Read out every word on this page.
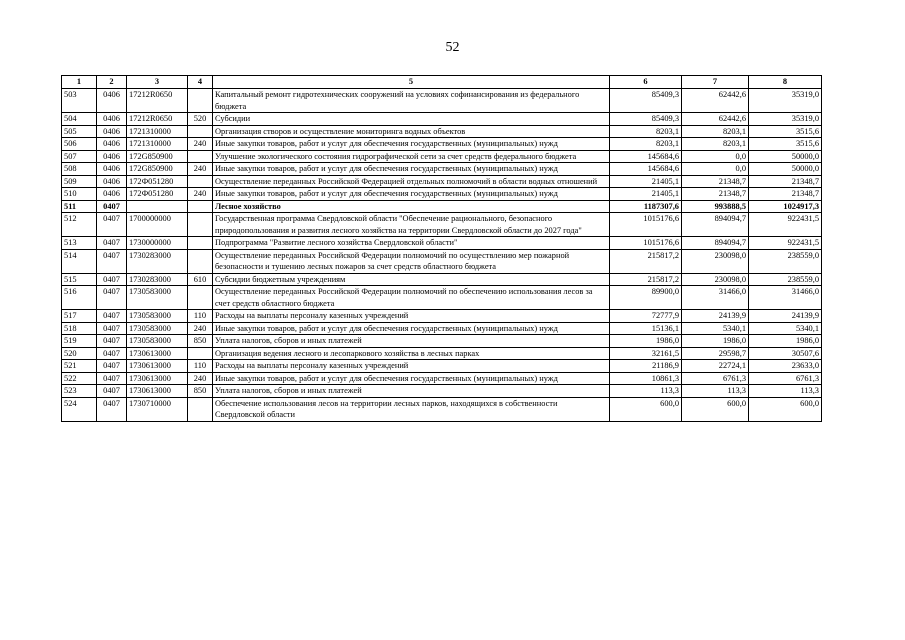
52
1	2	3	4	5	6	7	8
503	0406	17212R0650		Капитальный ремонт гидротехнических сооружений на условиях софинансирования из федерального бюджета	85409,3	62442,6	35319,0
504	0406	17212R0650	520	Субсидии	85409,3	62442,6	35319,0
505	0406	1721310000		Организация створов и осуществление мониторинга водных объектов	8203,1	8203,1	3515,6
506	0406	1721310000	240	Иные закупки товаров, работ и услуг для обеспечения государственных (муниципальных) нужд	8203,1	8203,1	3515,6
507	0406	172G850900		Улучшение экологического состояния гидрографической сети за счет средств федерального бюджета	145684,6	0,0	50000,0
508	0406	172G850900	240	Иные закупки товаров, работ и услуг для обеспечения государственных (муниципальных) нужд	145684,6	0,0	50000,0
509	0406	172Ф051280		Осуществление переданных Российской Федерацией отдельных полномочий в области водных отношений	21405,1	21348,7	21348,7
510	0406	172Ф051280	240	Иные закупки товаров, работ и услуг для обеспечения государственных (муниципальных) нужд	21405,1	21348,7	21348,7
511	0407			Лесное хозяйство	1187307,6	993888,5	1024917,3
512	0407	1700000000		Государственная программа Свердловской области "Обеспечение рационального, безопасного природопользования и развития лесного хозяйства на территории Свердловской области до 2027 года"	1015176,6	894094,7	922431,5
513	0407	1730000000		Подпрограмма "Развитие лесного хозяйства Свердловской области"	1015176,6	894094,7	922431,5
514	0407	1730283000		Осуществление переданных Российской Федерации полномочий по осуществлению мер пожарной безопасности и тушению лесных пожаров за счет средств областного бюджета	215817,2	230098,0	238559,0
515	0407	1730283000	610	Субсидии бюджетным учреждениям	215817,2	230098,0	238559,0
516	0407	1730583000		Осуществление переданных Российской Федерации полномочий по обеспечению использования лесов за счет средств областного бюджета	89900,0	31466,0	31466,0
517	0407	1730583000	110	Расходы на выплаты персоналу казенных учреждений	72777,9	24139,9	24139,9
518	0407	1730583000	240	Иные закупки товаров, работ и услуг для обеспечения государственных (муниципальных) нужд	15136,1	5340,1	5340,1
519	0407	1730583000	850	Уплата налогов, сборов и иных платежей	1986,0	1986,0	1986,0
520	0407	1730613000		Организация ведения лесного и лесопаркового хозяйства в лесных парках	32161,5	29598,7	30507,6
521	0407	1730613000	110	Расходы на выплаты персоналу казенных учреждений	21186,9	22724,1	23633,0
522	0407	1730613000	240	Иные закупки товаров, работ и услуг для обеспечения государственных (муниципальных) нужд	10861,3	6761,3	6761,3
523	0407	1730613000	850	Уплата налогов, сборов и иных платежей	113,3	113,3	113,3
524	0407	1730710000		Обеспечение использования лесов на территории лесных парков, находящихся в собственности Свердловской области	600,0	600,0	600,0
